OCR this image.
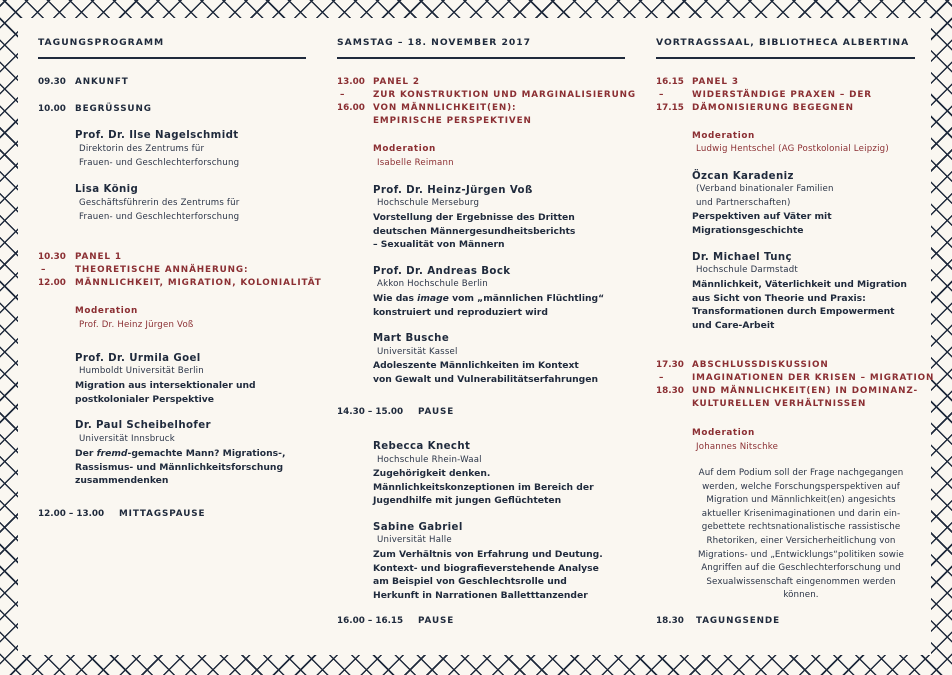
TAGUNGSPROGRAMM
09.30 ANKUNFT
10.00 BEGRÜSSUNG
Prof. Dr. Ilse Nagelschmidt
Direktorin des Zentrums für
Frauen- und Geschlechterforschung
Lisa König
Geschäftsführerin des Zentrums für
Frauen- und Geschlechterforschung
10.30
–
12.00
PANEL 1
THEORETISCHE ANNÄHERUNG:
MÄNNLICHKEIT, MIGRATION, KOLONIALITÄT
Moderation
Prof. Dr. Heinz Jürgen Voß
Prof. Dr. Urmila Goel
Humboldt Universität Berlin
Migration aus intersektionaler und
postkolonialer Perspektive
Dr. Paul Scheibelhofer
Universität Innsbruck
Der fremd-gemachte Mann? Migrations-,
Rassismus- und Männlichkeitsforschung
zusammendenken
12.00 – 13.00 MITTAGSPAUSE
SAMSTAG – 18. NOVEMBER 2017
13.00
–
16.00
PANEL 2
ZUR KONSTRUKTION UND MARGINALISIERUNG
VON MÄNNLICHKEIT(EN):
EMPIRISCHE PERSPEKTIVEN
Moderation
Isabelle Reimann
Prof. Dr. Heinz-Jürgen Voß
Hochschule Merseburg
Vorstellung der Ergebnisse des Dritten
deutschen Männergesundheitsberichts
– Sexualität von Männern
Prof. Dr. Andreas Bock
Akkon Hochschule Berlin
Wie das image vom „männlichen Flüchtling“
konstruiert und reproduziert wird
Mart Busche
Universität Kassel
Adoleszente Männlichkeiten im Kontext
von Gewalt und Vulnerabilitätserfahrungen
14.30 – 15.00 PAUSE
Rebecca Knecht
Hochschule Rhein-Waal
Zugehörigkeit denken.
Männlichkeitskonzeptionen im Bereich der
Jugendhilfe mit jungen Geflüchteten
Sabine Gabriel
Universität Halle
Zum Verhältnis von Erfahrung und Deutung.
Kontext- und biografieverstehende Analyse
am Beispiel von Geschlechtsrolle und
Herkunft in Narrationen Balletttanzender
16.00 – 16.15 PAUSE
VORTRAGSSAAL, BIBLIOTHECA ALBERTINA
16.15
–
17.15
PANEL 3
WIDERSTÄNDIGE PRAXEN – DER
DÄMONISIERUNG BEGEGNEN
Moderation
Ludwig Hentschel (AG Postkolonial Leipzig)
Özcan Karadeniz
(Verband binationaler Familien
und Partnerschaften)
Perspektiven auf Väter mit
Migrationsgeschichte
Dr. Michael Tunç
Hochschule Darmstadt
Männlichkeit, Väterlichkeit und Migration
aus Sicht von Theorie und Praxis:
Transformationen durch Empowerment
und Care-Arbeit
17.30
–
18.30
ABSCHLUSSDISKUSSION
IMAGINATIONEN DER KRISEN – MIGRATION
UND MÄNNLICHKEIT(EN) IN DOMINANZ-
KULTURELLEN VERHÄLTNISSEN
Moderation
Johannes Nitschke
Auf dem Podium soll der Frage nachgegangen
werden, welche Forschungsperspektiven auf
Migration und Männlichkeit(en) angesichts
aktueller Krisenimaginationen und darin ein-
gebettete rechtsnationalistische rassistische
Rhetoriken, einer Versicherheitlichung von
Migrations- und „Entwicklungs“politiken sowie
Angriffen auf die Geschlechterforschung und
Sexualwissenschaft eingenommen werden
können.
18.30 TAGUNGSENDE
